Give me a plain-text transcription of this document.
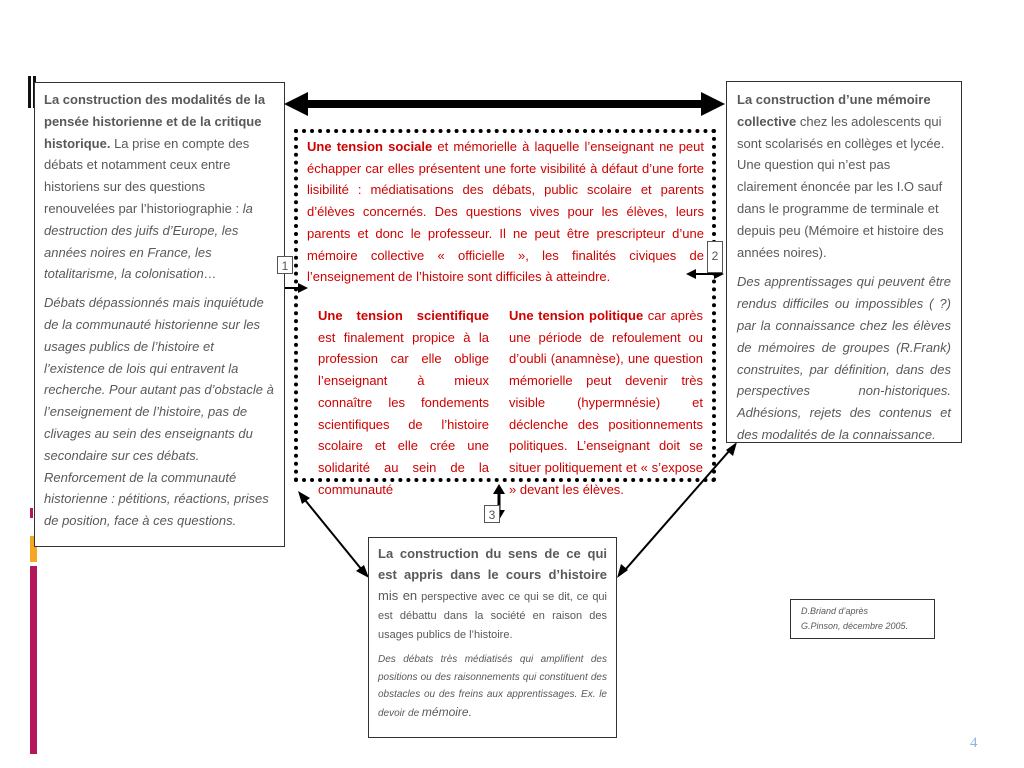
La construction des modalités de la pensée historienne et de la critique historique. La prise en compte des débats et notamment ceux entre historiens sur des questions renouvelées par l’historiographie : la destruction des juifs d’Europe, les années noires en France, les totalitarisme, la colonisation…

Débats dépassionnés mais inquiétude de la communauté historienne sur les usages publics de l’histoire et l’existence de lois qui entravent la recherche. Pour autant pas d’obstacle à l’enseignement de l’histoire, pas de clivages au sein des enseignants du secondaire sur ces débats. Renforcement de la communauté historienne : pétitions, réactions, prises de position, face à ces questions.

La construction d’une mémoire collective chez les adolescents qui sont scolarisés en collèges et lycée. Une question qui n’est pas clairement énoncée par les I.O sauf dans le programme de terminale et depuis peu (Mémoire et histoire des années noires).

Des apprentissages qui peuvent être rendus difficiles ou impossibles ( ?) par la connaissance chez les élèves de mémoires de groupes (R.Frank) construites, par définition, dans des perspectives non-historiques. Adhésions, rejets des contenus et des modalités de la connaissance.

Une tension sociale et mémorielle à laquelle l’enseignant ne peut échapper car elles présentent une forte visibilité à défaut d’une forte lisibilité : médiatisations des débats, public scolaire et parents d’élèves concernés. Des questions vives pour les élèves, leurs parents et donc le professeur. Il ne peut être prescripteur d’une mémoire collective « officielle », les finalités civiques de l’enseignement de l’histoire sont difficiles à atteindre.
Une tension scientifique est finalement propice à la profession car elle oblige l’enseignant à mieux connaître les fondements scientifiques de l’histoire scolaire et elle crée une solidarité au sein de la communauté
Une tension politique car après une période de refoulement ou d’oubli (anamnèse), une question mémorielle peut devenir très visible (hypermnésie) et déclenche des positionnements politiques. L’enseignant doit se situer politiquement et « s’expose » devant les élèves.
1
2
3

La construction du sens de ce qui est appris dans le cours d’histoire mis en perspective avec ce qui se dit, ce qui est débattu dans la société en raison des usages publics de l’histoire.

Des débats très médiatisés qui amplifient des positions ou des raisonnements qui constituent des obstacles ou des freins aux apprentissages. Ex. le devoir de mémoire.

D.Briand d’après
G.Pinson, décembre 2005.
4
